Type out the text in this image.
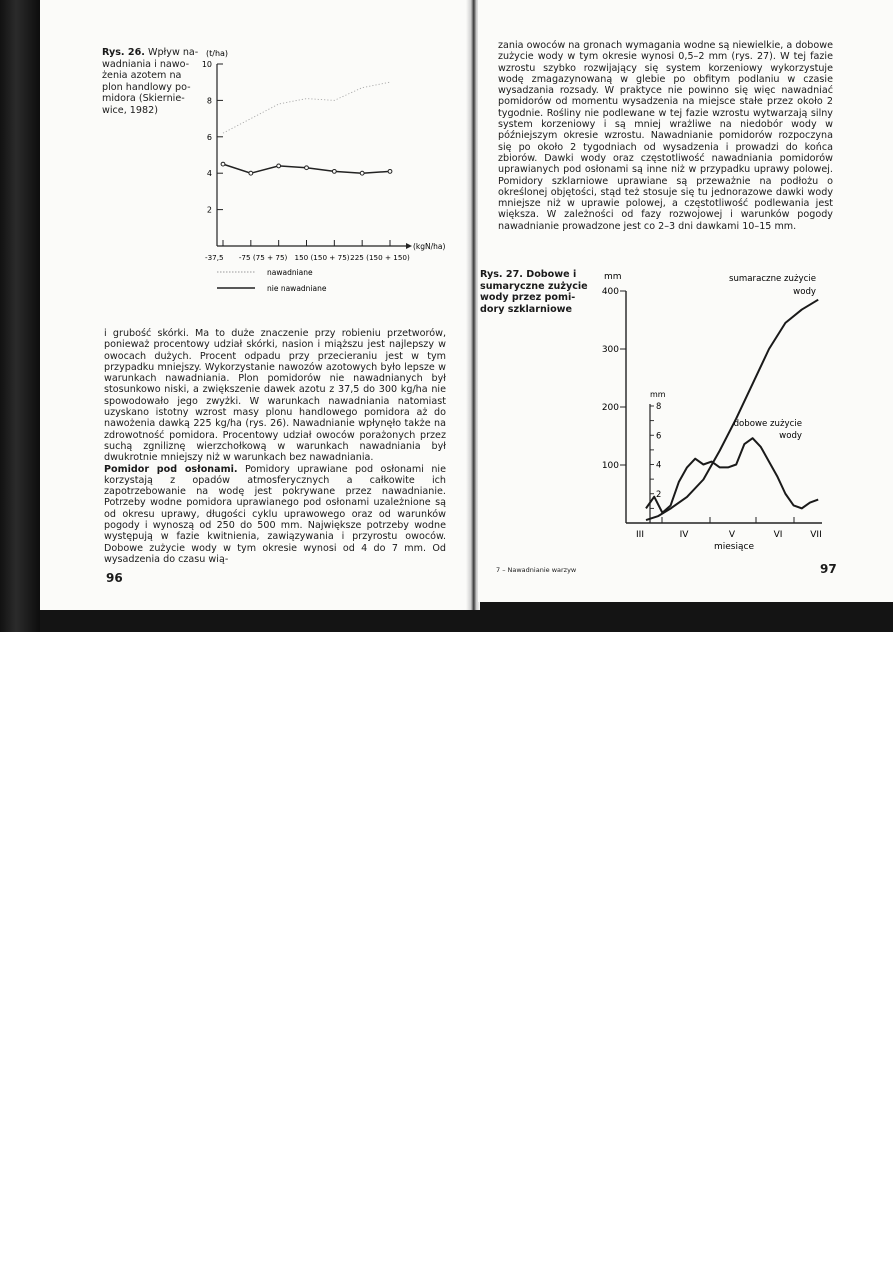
Rys. 26. Wpływ na-
wadniania i nawo-
żenia azotem na
plon handlowy po-
midora (Skiernie-
wice, 1982)
(t/ha)
(kgN/ha)
2
4
6
8
10
-37,5 -75 (75 + 75) 150 (150 + 75) 225 (150 + 150)
nawadniane
nie nawadniane

i grubość skórki. Ma to duże znaczenie przy robieniu przetworów, ponieważ procentowy udział skórki, nasion i miąższu jest najlepszy w owocach dużych. Procent odpadu przy przecieraniu jest w tym przypadku mniejszy. Wykorzystanie nawozów azotowych było lepsze w warunkach nawadniania. Plon pomidorów nie nawadnianych był stosunkowo niski, a zwiększenie dawek azotu z 37,5 do 300 kg/ha nie spowodowało jego zwyżki. W warunkach nawadniania natomiast uzyskano istotny wzrost masy plonu handlowego pomidora aż do nawożenia dawką 225 kg/ha (rys. 26). Nawadnianie wpłynęło także na zdrowotność pomidora. Procentowy udział owoców porażonych przez suchą zgniliznę wierzchołkową w warunkach nawadniania był dwukrotnie mniejszy niż w warunkach bez nawadniania.

Pomidor pod osłonami. Pomidory uprawiane pod osłonami nie korzystają z opadów atmosferycznych a całkowite ich zapotrzebowanie na wodę jest pokrywane przez nawadnianie. Potrzeby wodne pomidora uprawianego pod osłonami uzależnione są od okresu uprawy, długości cyklu uprawowego oraz od warunków pogody i wynoszą od 250 do 500 mm. Największe potrzeby wodne występują w fazie kwitnienia, zawiązywania i przyrostu owoców. Dobowe zużycie wody w tym okresie wynosi od 4 do 7 mm. Od wysadzenia do czasu wią-

96

zania owoców na gronach wymagania wodne są niewielkie, a dobowe zużycie wody w tym okresie wynosi 0,5–2 mm (rys. 27). W tej fazie wzrostu szybko rozwijający się system korzeniowy wykorzystuje wodę zmagazynowaną w glebie po obfitym podlaniu w czasie wysadzania rozsady. W praktyce nie powinno się więc nawadniać pomidorów od momentu wysadzenia na miejsce stałe przez około 2 tygodnie. Rośliny nie podlewane w tej fazie wzrostu wytwarzają silny system korzeniowy i są mniej wrażliwe na niedobór wody w późniejszym okresie wzrostu. Nawadnianie pomidorów rozpoczyna się po około 2 tygodniach od wysadzenia i prowadzi do końca zbiorów. Dawki wody oraz częstotliwość nawadniania pomidorów uprawianych pod osłonami są inne niż w przypadku uprawy polowej. Pomidory szklarniowe uprawiane są przeważnie na podłożu o określonej objętości, stąd też stosuje się tu jednorazowe dawki wody mniejsze niż w uprawie polowej, a częstotliwość podlewania jest większa. W zależności od fazy rozwojowej i warunków pogody nawadnianie prowadzone jest co 2–3 dni dawkami 10–15 mm.

Rys. 27. Dobowe i
sumaryczne zużycie
wody przez pomi-
dory szklarniowe
mm
mm
100
200
300
400
2
4
6
8
III	IV	V	VI	VII
miesiące
sumaraczne zużycie
wody
dobowe zużycie
wody
7 – Nawadnianie warzyw	97
